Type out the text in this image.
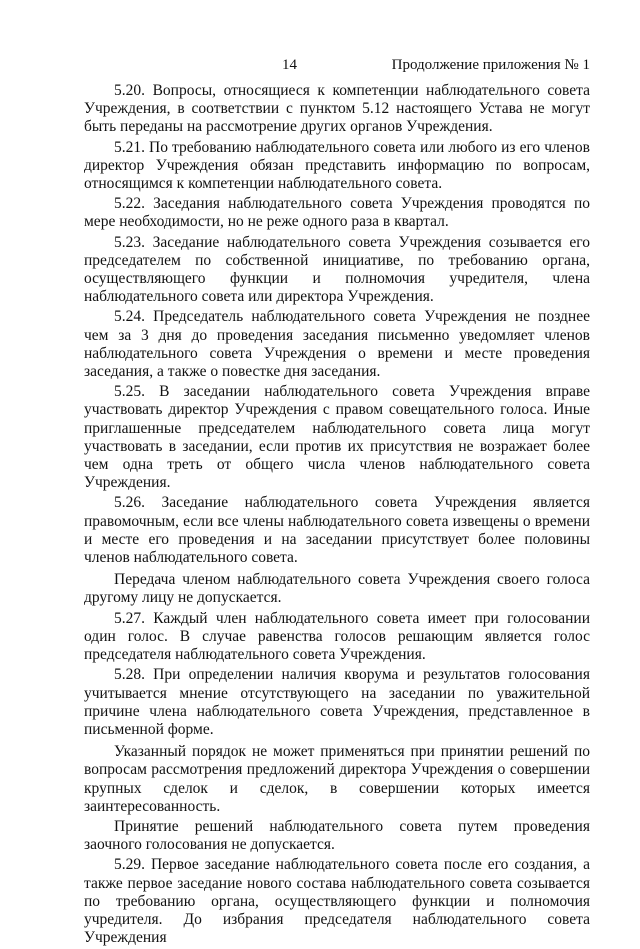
14	Продолжение приложения № 1

5.20. Вопросы, относящиеся к компетенции наблюдательного совета Учреждения, в соответствии с пунктом 5.12 настоящего Устава не могут быть переданы на рассмотрение других органов Учреждения.

5.21. По требованию наблюдательного совета или любого из его членов директор Учреждения обязан представить информацию по вопросам, относящимся к компетенции наблюдательного совета.

5.22. Заседания наблюдательного совета Учреждения проводятся по мере необходимости, но не реже одного раза в квартал.

5.23. Заседание наблюдательного совета Учреждения созывается его председателем по собственной инициативе, по требованию органа, осуществляющего функции и полномочия учредителя, члена наблюдательного совета или директора Учреждения.

5.24. Председатель наблюдательного совета Учреждения не позднее чем за 3 дня до проведения заседания письменно уведомляет членов наблюдательного совета Учреждения о времени и месте проведения заседания, а также о повестке дня заседания.

5.25. В заседании наблюдательного совета Учреждения вправе участвовать директор Учреждения с правом совещательного голоса. Иные приглашенные председателем наблюдательного совета лица могут участвовать в заседании, если против их присутствия не возражает более чем одна треть от общего числа членов наблюдательного совета Учреждения.

5.26. Заседание наблюдательного совета Учреждения является правомочным, если все члены наблюдательного совета извещены о времени и месте его проведения и на заседании присутствует более половины членов наблюдательного совета.

Передача членом наблюдательного совета Учреждения своего голоса другому лицу не допускается.

5.27. Каждый член наблюдательного совета имеет при голосовании один голос. В случае равенства голосов решающим является голос председателя наблюдательного совета Учреждения.

5.28. При определении наличия кворума и результатов голосования учитывается мнение отсутствующего на заседании по уважительной причине члена наблюдательного совета Учреждения, представленное в письменной форме.

Указанный порядок не может применяться при принятии решений по вопросам рассмотрения предложений директора Учреждения о совершении крупных сделок и сделок, в совершении которых имеется заинтересованность.

Принятие решений наблюдательного совета путем проведения заочного голосования не допускается.

5.29. Первое заседание наблюдательного совета после его создания, а также первое заседание нового состава наблюдательного совета созывается по требованию органа, осуществляющего функции и полномочия учредителя. До избрания председателя наблюдательного совета Учреждения
